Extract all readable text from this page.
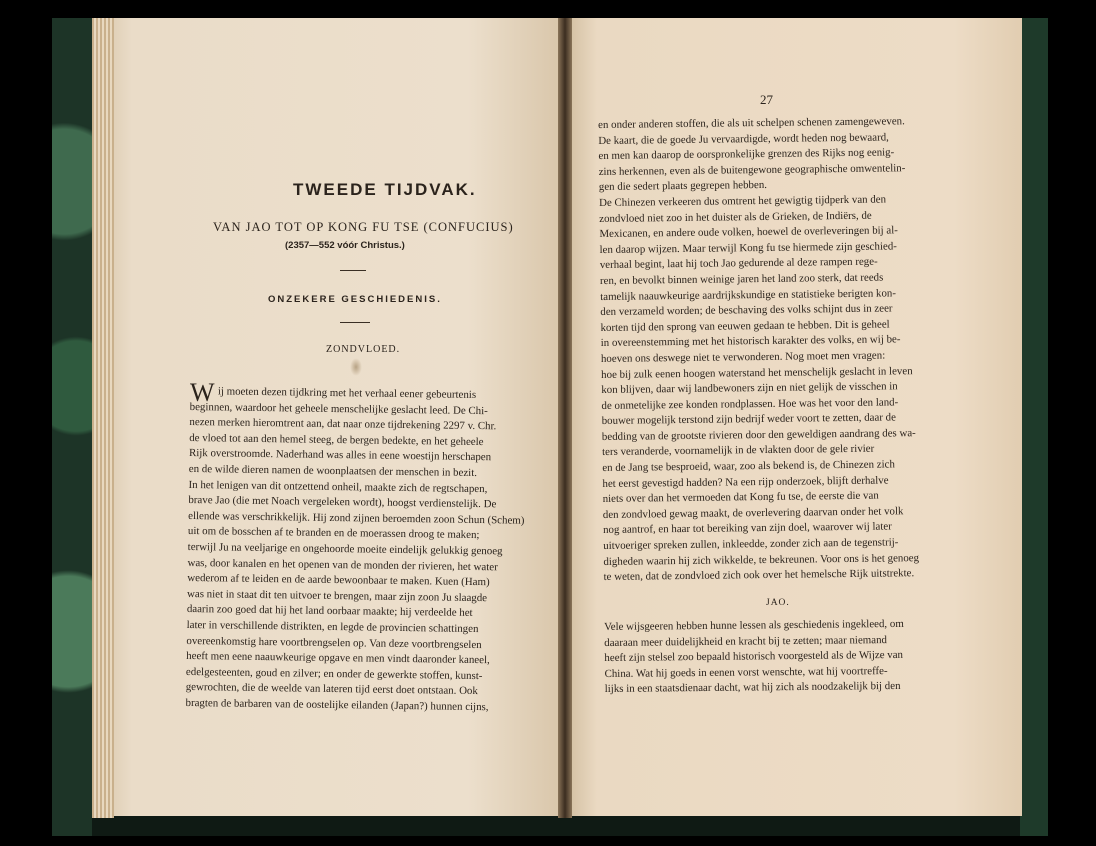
TWEEDE TIJDVAK.
VAN JAO TOT OP KONG FU TSE (CONFUCIUS)
(2357—552 vóór Christus.)
ONZEKERE GESCHIEDENIS.
ZONDVLOED.
W ij moeten dezen tijdkring met het verhaal eener gebeurtenis
beginnen, waardoor het geheele menschelijke geslacht leed. De Chi-
nezen merken hieromtrent aan, dat naar onze tijdrekening 2297 v. Chr.
de vloed tot aan den hemel steeg, de bergen bedekte, en het geheele
Rijk overstroomde. Naderhand was alles in eene woestijn herschapen
en de wilde dieren namen de woonplaatsen der menschen in bezit.
In het lenigen van dit ontzettend onheil, maakte zich de regtschapen,
brave Jao (die met Noach vergeleken wordt), hoogst verdienstelijk. De
ellende was verschrikkelijk. Hij zond zijnen beroemden zoon Schun (Schem)
uit om de bosschen af te branden en de moerassen droog te maken;
terwijl Ju na veeljarige en ongehoorde moeite eindelijk gelukkig genoeg
was, door kanalen en het openen van de monden der rivieren, het water
wederom af te leiden en de aarde bewoonbaar te maken. Kuen (Ham)
was niet in staat dit ten uitvoer te brengen, maar zijn zoon Ju slaagde
daarin zoo goed dat hij het land oorbaar maakte; hij verdeelde het
later in verschillende distrikten, en legde de provincien schattingen
overeenkomstig hare voortbrengselen op. Van deze voortbrengselen
heeft men eene naauwkeurige opgave en men vindt daaronder kaneel,
edelgesteenten, goud en zilver; en onder de gewerkte stoffen, kunst-
gewrochten, die de weelde van lateren tijd eerst doet ontstaan. Ook
bragten de barbaren van de oostelijke eilanden (Japan?) hunnen cijns,
27
en onder anderen stoffen, die als uit schelpen schenen zamengeweven.
De kaart, die de goede Ju vervaardigde, wordt heden nog bewaard,
en men kan daarop de oorspronkelijke grenzen des Rijks nog eenig-
zins herkennen, even als de buitengewone geographische omwentelin-
gen die sedert plaats gegrepen hebben.
De Chinezen verkeeren dus omtrent het gewigtig tijdperk van den
zondvloed niet zoo in het duister als de Grieken, de Indiërs, de
Mexicanen, en andere oude volken, hoewel de overleveringen bij al-
len daarop wijzen. Maar terwijl Kong fu tse hiermede zijn geschied-
verhaal begint, laat hij toch Jao gedurende al deze rampen rege-
ren, en bevolkt binnen weinige jaren het land zoo sterk, dat reeds
tamelijk naauwkeurige aardrijkskundige en statistieke berigten kon-
den verzameld worden; de beschaving des volks schijnt dus in zeer
korten tijd den sprong van eeuwen gedaan te hebben. Dit is geheel
in overeenstemming met het historisch karakter des volks, en wij be-
hoeven ons deswege niet te verwonderen. Nog moet men vragen:
hoe bij zulk eenen hoogen waterstand het menschelijk geslacht in leven
kon blijven, daar wij landbewoners zijn en niet gelijk de visschen in
de onmetelijke zee konden rondplassen. Hoe was het voor den land-
bouwer mogelijk terstond zijn bedrijf weder voort te zetten, daar de
bedding van de grootste rivieren door den geweldigen aandrang des wa-
ters veranderde, voornamelijk in de vlakten door de gele rivier
en de Jang tse besproeid, waar, zoo als bekend is, de Chinezen zich
het eerst gevestigd hadden? Na een rijp onderzoek, blijft derhalve
niets over dan het vermoeden dat Kong fu tse, de eerste die van
den zondvloed gewag maakt, de overlevering daarvan onder het volk
nog aantrof, en haar tot bereiking van zijn doel, waarover wij later
uitvoeriger spreken zullen, inkleedde, zonder zich aan de tegenstrij-
digheden waarin hij zich wikkelde, te bekreunen. Voor ons is het genoeg
te weten, dat de zondvloed zich ook over het hemelsche Rijk uitstrekte.
JAO.
Vele wijsgeeren hebben hunne lessen als geschiedenis ingekleed, om
daaraan meer duidelijkheid en kracht bij te zetten; maar niemand
heeft zijn stelsel zoo bepaald historisch voorgesteld als de Wijze van
China. Wat hij goeds in eenen vorst wenschte, wat hij voortreffe-
lijks in een staatsdienaar dacht, wat hij zich als noodzakelijk bij den
